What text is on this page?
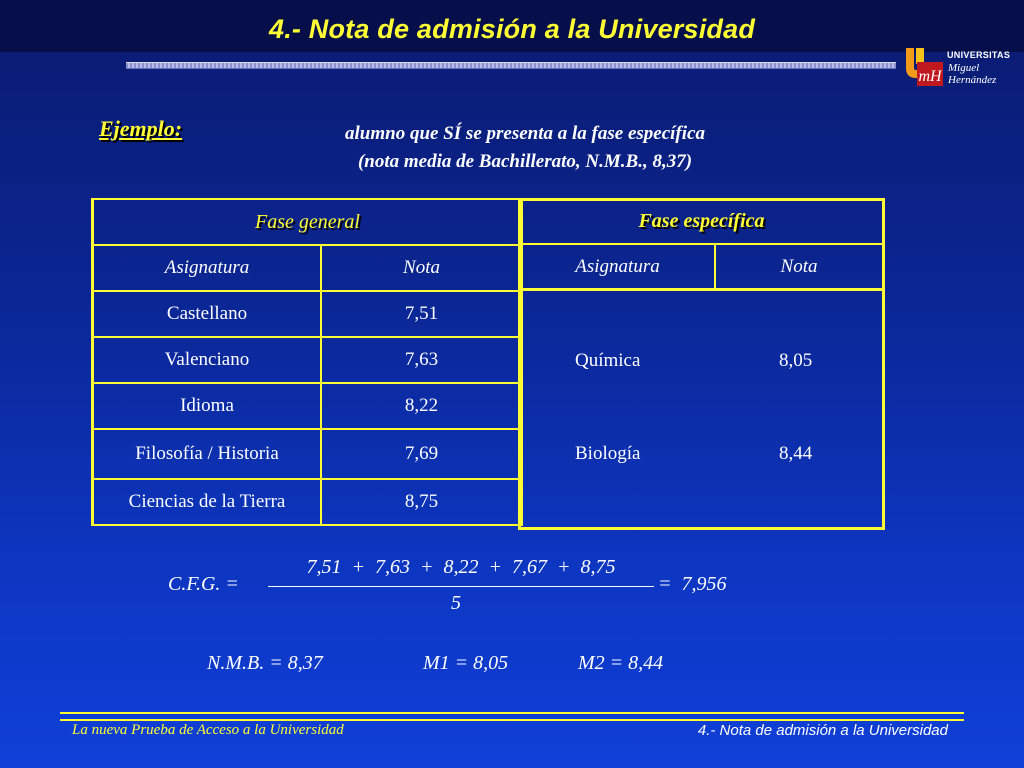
4.- Nota de admisión a la Universidad
mH
UNIVERSITAS
Miguel
Hernández
Ejemplo:	alumno que SÍ se presenta a la fase específica
(nota media de Bachillerato, N.M.B., 8,37)
Fase general	
Asignatura	Nota
Castellano	7,51
Valenciano	7,63
Idioma	8,22
Filosofía / Historia	7,69
Ciencias de la Tierra	8,75
Fase específica
Asignatura	Nota
Química	8,05
Biología	8,44
C.F.G. =
7,51  +  7,63  +  8,22  +  7,67  +  8,75
5
=  7,956
N.M.B. = 8,37	M1 = 8,05	M2 = 8,44
La nueva Prueba de Acceso a la Universidad	4.- Nota de admisión a la Universidad
